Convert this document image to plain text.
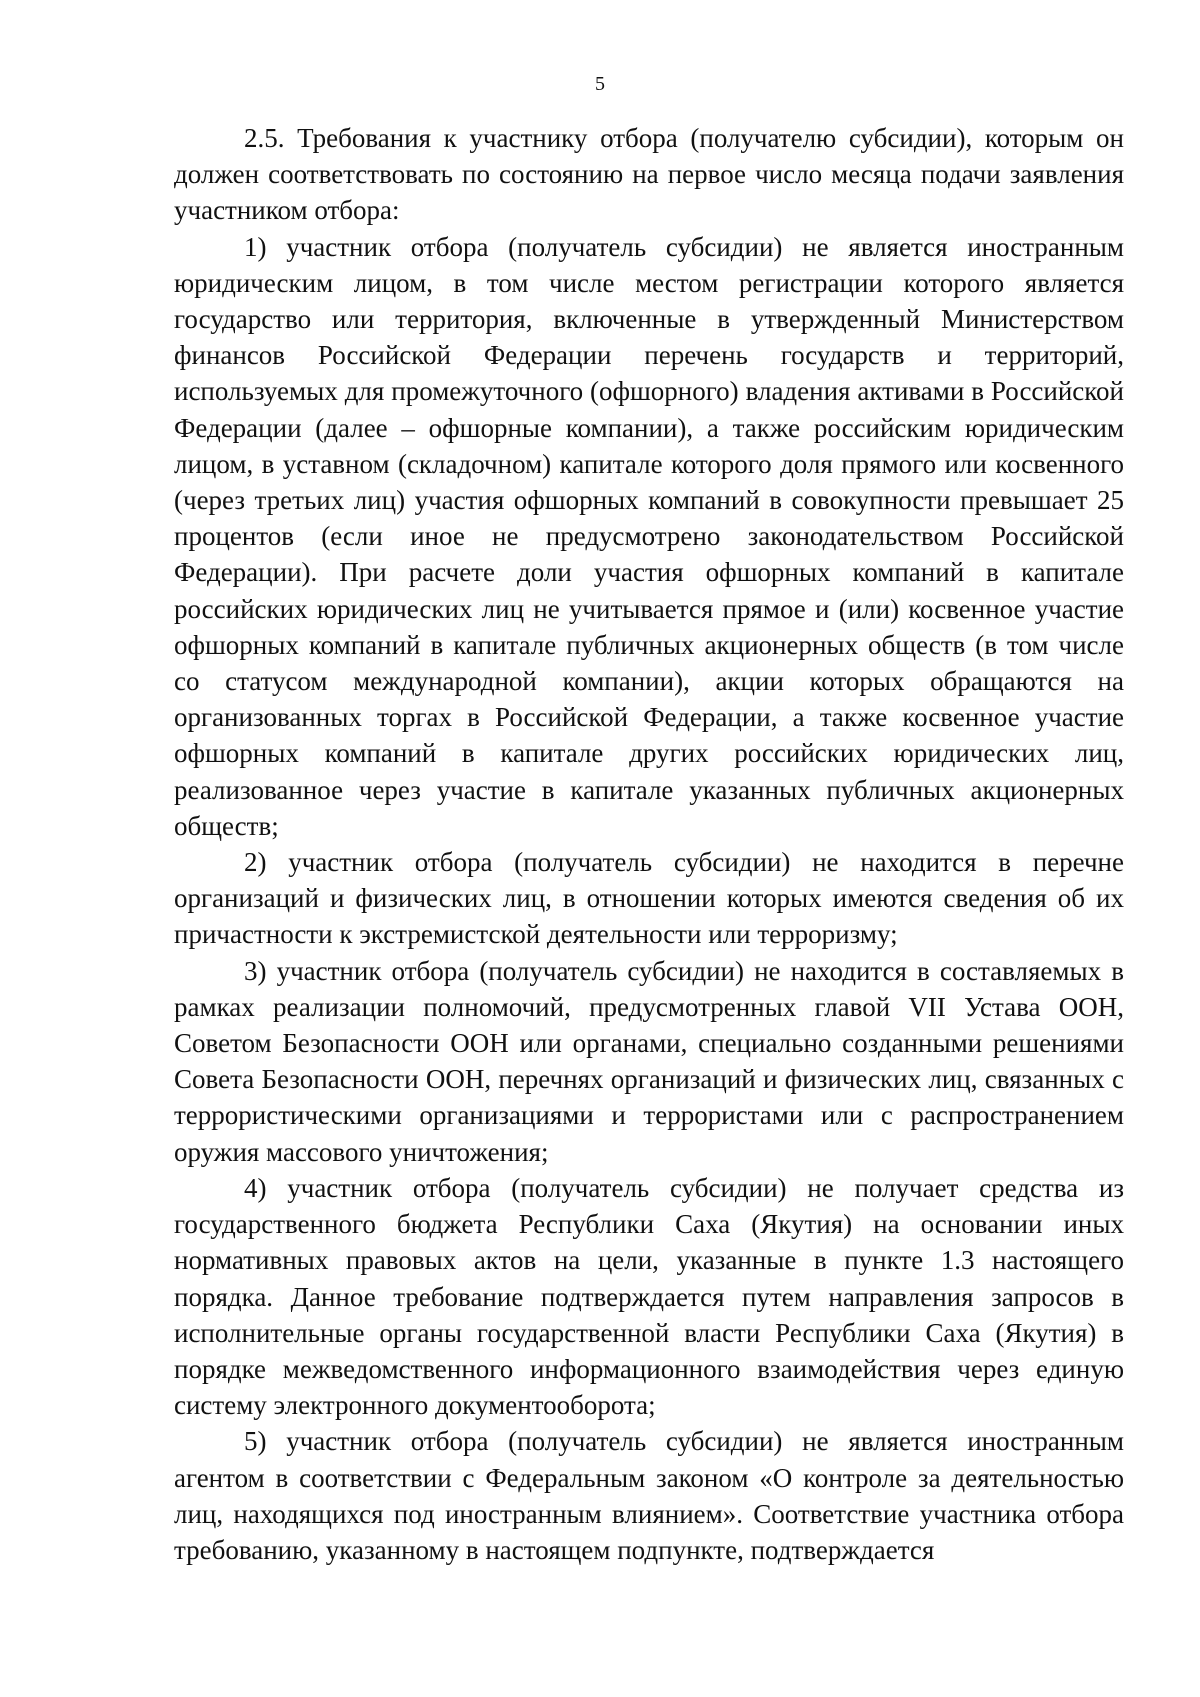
5

2.5. Требования к участнику отбора (получателю субсидии), которым он должен соответствовать по состоянию на первое число месяца подачи заявления участником отбора:

1) участник отбора (получатель субсидии) не является иностранным юридическим лицом, в том числе местом регистрации которого является государство или территория, включенные в утвержденный Министерством финансов Российской Федерации перечень государств и территорий, используемых для промежуточного (офшорного) владения активами в Российской Федерации (далее – офшорные компании), а также российским юридическим лицом, в уставном (складочном) капитале которого доля прямого или косвенного (через третьих лиц) участия офшорных компаний в совокупности превышает 25 процентов (если иное не предусмотрено законодательством Российской Федерации). При расчете доли участия офшорных компаний в капитале российских юридических лиц не учитывается прямое и (или) косвенное участие офшорных компаний в капитале публичных акционерных обществ (в том числе со статусом международной компании), акции которых обращаются на организованных торгах в Российской Федерации, а также косвенное участие офшорных компаний в капитале других российских юридических лиц, реализованное через участие в капитале указанных публичных акционерных обществ;

2) участник отбора (получатель субсидии) не находится в перечне организаций и физических лиц, в отношении которых имеются сведения об их причастности к экстремистской деятельности или терроризму;

3) участник отбора (получатель субсидии) не находится в составляемых в рамках реализации полномочий, предусмотренных главой VII Устава ООН, Советом Безопасности ООН или органами, специально созданными решениями Совета Безопасности ООН, перечнях организаций и физических лиц, связанных с террористическими организациями и террористами или с распространением оружия массового уничтожения;

4) участник отбора (получатель субсидии) не получает средства из государственного бюджета Республики Саха (Якутия) на основании иных нормативных правовых актов на цели, указанные в пункте 1.3 настоящего порядка. Данное требование подтверждается путем направления запросов в исполнительные органы государственной власти Республики Саха (Якутия) в порядке межведомственного информационного взаимодействия через единую систему электронного документооборота;

5) участник отбора (получатель субсидии) не является иностранным агентом в соответствии с Федеральным законом «О контроле за деятельностью лиц, находящихся под иностранным влиянием». Соответствие участника отбора требованию, указанному в настоящем подпункте, подтверждается
